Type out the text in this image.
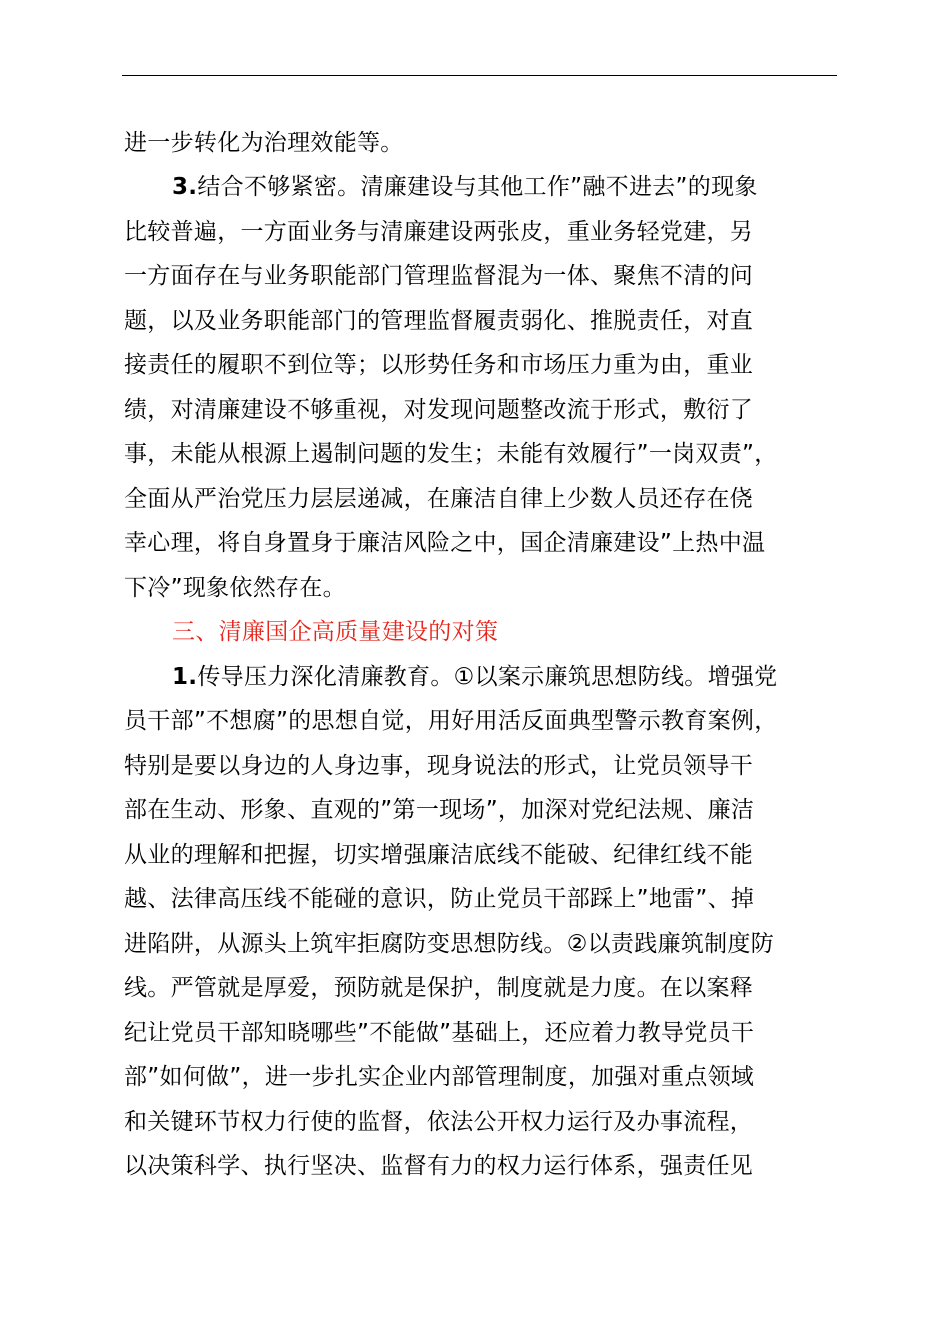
进一步转化为治理效能等。
3.结合不够紧密。清廉建设与其他工作”融不进去”的现象
比较普遍，一方面业务与清廉建设两张皮，重业务轻党建，另
一方面存在与业务职能部门管理监督混为一体、聚焦不清的问
题，以及业务职能部门的管理监督履责弱化、推脱责任，对直
接责任的履职不到位等；以形势任务和市场压力重为由，重业
绩，对清廉建设不够重视，对发现问题整改流于形式，敷衍了
事，未能从根源上遏制问题的发生；未能有效履行”一岗双责”，
全面从严治党压力层层递减，在廉洁自律上少数人员还存在侥
幸心理，将自身置身于廉洁风险之中，国企清廉建设”上热中温
下冷”现象依然存在。
三、清廉国企高质量建设的对策
1.传导压力深化清廉教育。①以案示廉筑思想防线。增强党
员干部”不想腐”的思想自觉，用好用活反面典型警示教育案例，
特别是要以身边的人身边事，现身说法的形式，让党员领导干
部在生动、形象、直观的”第一现场”，加深对党纪法规、廉洁
从业的理解和把握，切实增强廉洁底线不能破、纪律红线不能
越、法律高压线不能碰的意识，防止党员干部踩上”地雷”、掉
进陷阱，从源头上筑牢拒腐防变思想防线。②以责践廉筑制度防
线。严管就是厚爱，预防就是保护，制度就是力度。在以案释
纪让党员干部知晓哪些”不能做”基础上，还应着力教导党员干
部”如何做”，进一步扎实企业内部管理制度，加强对重点领域
和关键环节权力行使的监督，依法公开权力运行及办事流程，
以决策科学、执行坚决、监督有力的权力运行体系，强责任见
